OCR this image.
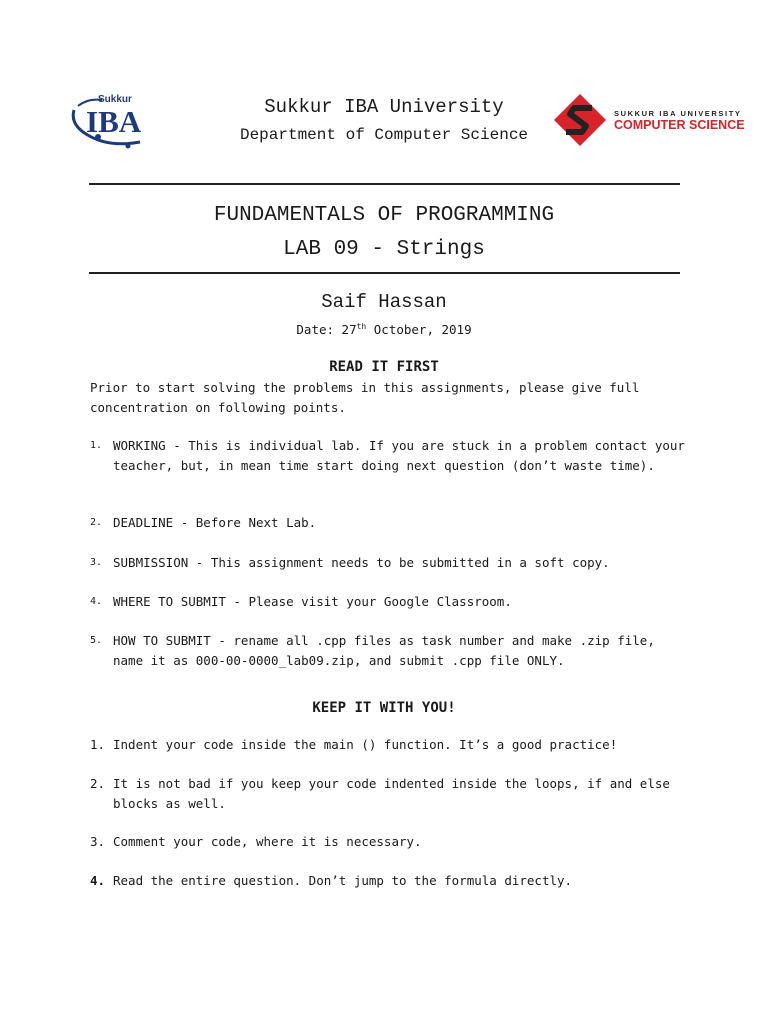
Sukkur
IBA	Sukkur IBA University
Department of Computer Science
SUKKUR IBA UNIVERSITY
COMPUTER SCIENCE
FUNDAMENTALS OF PROGRAMMING
LAB 09 - Strings
Saif Hassan
Date: 27th October, 2019
READ IT FIRST
Prior to start solving the problems in this assignments, please give full concentration on following points.
1. WORKING - This is individual lab. If you are stuck in a problem contact your teacher, but, in mean time start doing next question (don’t waste time).
2. DEADLINE - Before Next Lab.
3. SUBMISSION - This assignment needs to be submitted in a soft copy.
4. WHERE TO SUBMIT - Please visit your Google Classroom.
5. HOW TO SUBMIT - rename all .cpp files as task number and make .zip file, name it as 000-00-0000_lab09.zip, and submit .cpp file ONLY.
KEEP IT WITH YOU!
1. Indent your code inside the main () function. It’s a good practice!
2. It is not bad if you keep your code indented inside the loops, if and else blocks as well.
3. Comment your code, where it is necessary.
4. Read the entire question. Don’t jump to the formula directly.
